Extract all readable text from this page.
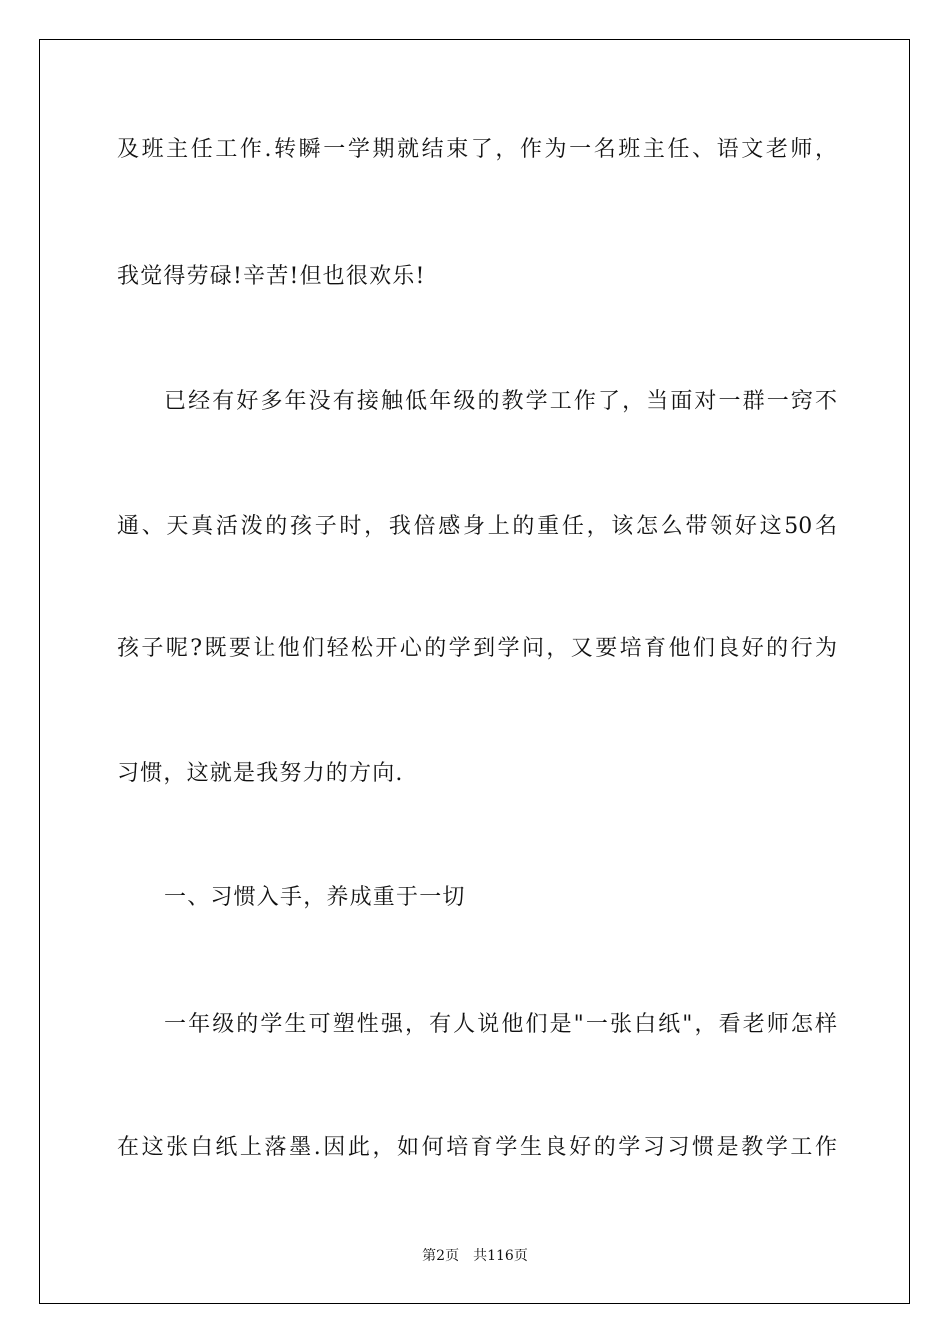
及班主任工作.转瞬一学期就结束了，作为一名班主任、语文老师，
我觉得劳碌!辛苦!但也很欢乐!
已经有好多年没有接触低年级的教学工作了，当面对一群一窍不
通、天真活泼的孩子时，我倍感身上的重任，该怎么带领好这50名
孩子呢?既要让他们轻松开心的学到学问，又要培育他们良好的行为
习惯，这就是我努力的方向.
一、习惯入手，养成重于一切
一年级的学生可塑性强，有人说他们是"一张白纸"，看老师怎样
在这张白纸上落墨.因此，如何培育学生良好的学习习惯是教学工作
第2页 共116页
